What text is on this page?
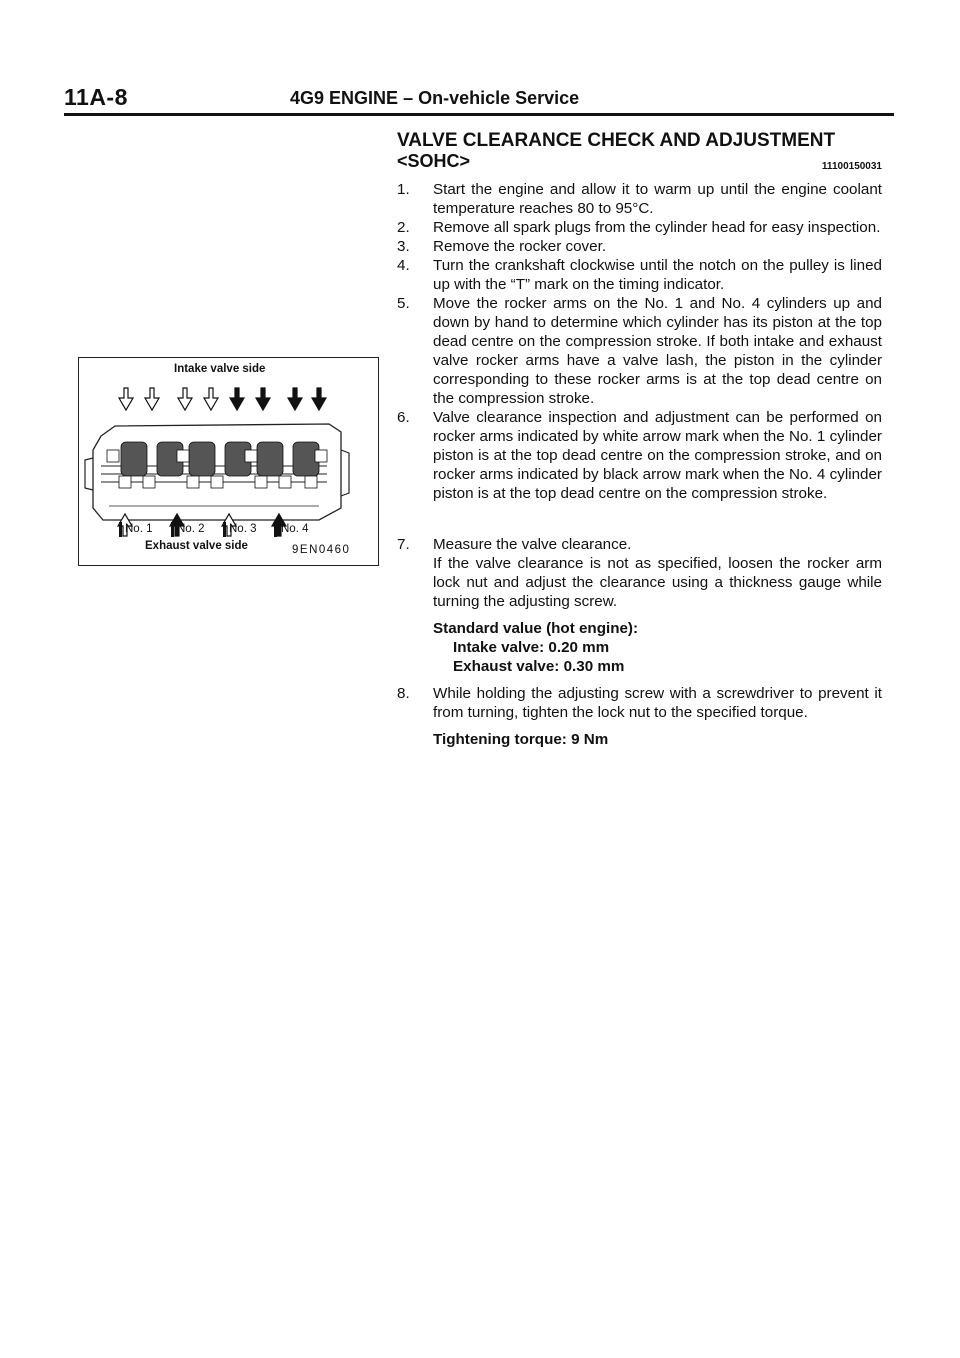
11A-8	4G9 ENGINE – On-vehicle Service
Intake valve side
No. 1 No. 2 No. 3 No. 4
Exhaust valve side	9EN0460
VALVE CLEARANCE CHECK AND ADJUSTMENT
<SOHC>	11100150031
1. Start the engine and allow it to warm up until the engine coolant temperature reaches 80 to 95°C.
2. Remove all spark plugs from the cylinder head for easy inspection.
3. Remove the rocker cover.
4. Turn the crankshaft clockwise until the notch on the pulley is lined up with the “T” mark on the timing indicator.
5. Move the rocker arms on the No. 1 and No. 4 cylinders up and down by hand to determine which cylinder has its piston at the top dead centre on the compression stroke. If both intake and exhaust valve rocker arms have a valve lash, the piston in the cylinder corresponding to these rocker arms is at the top dead centre on the compression stroke.
6. Valve clearance inspection and adjustment can be performed on rocker arms indicated by white arrow mark when the No. 1 cylinder piston is at the top dead centre on the compression stroke, and on rocker arms indicated by black arrow mark when the No. 4 cylinder piston is at the top dead centre on the compression stroke.
7. Measure the valve clearance.
If the valve clearance is not as specified, loosen the rocker arm lock nut and adjust the clearance using a thickness gauge while turning the adjusting screw.
Standard value (hot engine):
Intake valve: 0.20 mm
Exhaust valve: 0.30 mm
8. While holding the adjusting screw with a screwdriver to prevent it from turning, tighten the lock nut to the specified torque.
Tightening torque: 9 Nm
